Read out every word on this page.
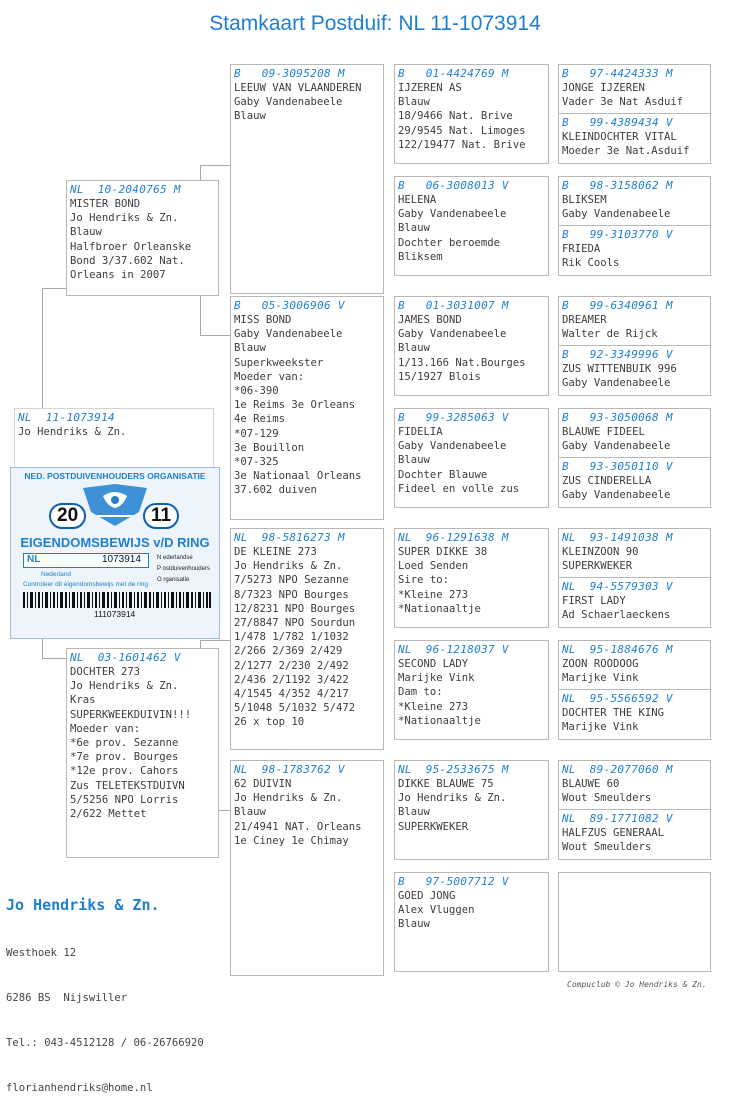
Stamkaart Postduif: NL 11-1073914
NL  11-1073914
Jo Hendriks & Zn.
NL  10-2040765 M
MISTER BOND
Jo Hendriks & Zn.
Blauw
Halfbroer Orleanske
Bond 3/37.602 Nat.
Orleans in 2007
NL  03-1601462 V
DOCHTER 273
Jo Hendriks & Zn.
Kras
SUPERKWEEKDUIVIN!!!
Moeder van:
*6e prov. Sezanne
*7e prov. Bourges
*12e prov. Cahors
Zus TELETEKSTDUIVN
5/5256 NPO Lorris
2/622 Mettet
B   09-3095208 M
LEEUW VAN VLAANDEREN
Gaby Vandenabeele
Blauw
B   05-3006906 V
MISS BOND
Gaby Vandenabeele
Blauw
Superkweekster
Moeder van:
*06-390
1e Reims 3e Orleans
4e Reims
*07-129
3e Bouillon
*07-325
3e Nationaal Orleans
37.602 duiven
NL  98-5816273 M
DE KLEINE 273
Jo Hendriks & Zn.
7/5273 NPO Sezanne
8/7323 NPO Bourges
12/8231 NPO Bourges
27/8847 NPO Sourdun
1/478 1/782 1/1032
2/266 2/369 2/429
2/1277 2/230 2/492
2/436 2/1192 3/422
4/1545 4/352 4/217
5/1048 5/1032 5/472
26 x top 10
NL  98-1783762 V
62 DUIVIN
Jo Hendriks & Zn.
Blauw
21/4941 NAT. Orleans
1e Ciney 1e Chimay
B   01-4424769 M
IJZEREN AS
Blauw
18/9466 Nat. Brive
29/9545 Nat. Limoges
122/19477 Nat. Brive
B   06-3008013 V
HELENA
Gaby Vandenabeele
Blauw
Dochter beroemde
Bliksem
B   01-3031007 M
JAMES BOND
Gaby Vandenabeele
Blauw
1/13.166 Nat.Bourges
15/1927 Blois
B   99-3285063 V
FIDELIA
Gaby Vandenabeele
Blauw
Dochter Blauwe
Fideel en volle zus
NL  96-1291638 M
SUPER DIKKE 38
Loed Senden
Sire to:
*Kleine 273
*Nationaaltje
NL  96-1218037 V
SECOND LADY
Marijke Vink
Dam to:
*Kleine 273
*Nationaaltje
NL  95-2533675 M
DIKKE BLAUWE 75
Jo Hendriks & Zn.
Blauw
SUPERKWEKER
B   97-5007712 V
GOED JONG
Alex Vluggen
Blauw
B   97-4424333 M
JONGE IJZEREN
Vader 3e Nat Asduif
B   99-4389434 V
KLEINDOCHTER VITAL
Moeder 3e Nat.Asduif
B   98-3158062 M
BLIKSEM
Gaby Vandenabeele
B   99-3103770 V
FRIEDA
Rik Cools
B   99-6340961 M
DREAMER
Walter de Rijck
B   92-3349996 V
ZUS WITTENBUIK 996
Gaby Vandenabeele
B   93-3050068 M
BLAUWE FIDEEL
Gaby Vandenabeele
B   93-3050110 V
ZUS CINDERELLA
Gaby Vandenabeele
NL  93-1491038 M
KLEINZOON 90
SUPERKWEKER
NL  94-5579303 V
FIRST LADY
Ad Schaerlaeckens
NL  95-1884676 M
ZOON ROODOOG
Marijke Vink
NL  95-5566592 V
DOCHTER THE KING
Marijke Vink
NL  89-2077060 M
BLAUWE 60
Wout Smeulders
NL  89-1771082 V
HALFZUS GENERAAL
Wout Smeulders
NED. POSTDUIVENHOUDERS ORGANISATIE
20	11
EIGENDOMSBEWIJS v/D RING
NL	1073914	N ederlandse
P ostduivenhouders
O rganisatie
Nederland
Controleer dit eigendomsbewijs met de ring
111073914
Jo Hendriks & Zn.

Westhoek 12

6286 BS  Nijswiller

Tel.: 043-4512128 / 06-26766920

florianhendriks@home.nl

Compuclub © Jo Hendriks & Zn.
